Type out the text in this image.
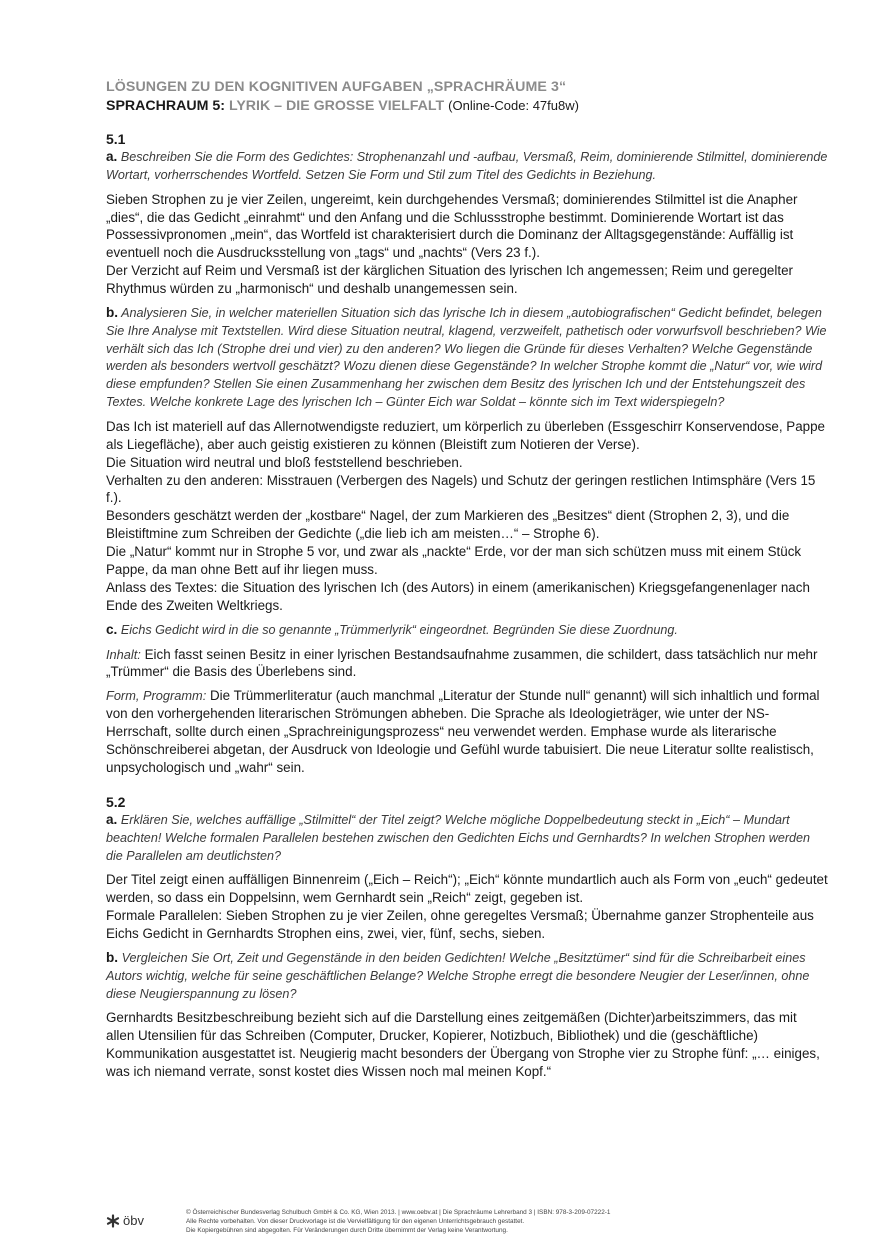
LÖSUNGEN ZU DEN KOGNITIVEN AUFGABEN „SPRACHRÄUME 3“
SPRACHRAUM 5: LYRIK – DIE GROSSE VIELFALT (Online-Code: 47fu8w)
5.1

a. Beschreiben Sie die Form des Gedichtes: Strophenanzahl und -aufbau, Versmaß, Reim, dominierende Stilmittel, dominierende Wortart, vorherrschendes Wortfeld. Setzen Sie Form und Stil zum Titel des Gedichts in Beziehung.

Sieben Strophen zu je vier Zeilen, ungereimt, kein durchgehendes Versmaß; dominierendes Stilmittel ist die Anapher „dies“, die das Gedicht „einrahmt“ und den Anfang und die Schlussstrophe bestimmt. Dominierende Wortart ist das Possessivpronomen „mein“, das Wortfeld ist charakterisiert durch die Dominanz der Alltagsgegenstände: Auffällig ist eventuell noch die Ausdrucksstellung von „tags“ und „nachts“ (Vers 23 f.).
Der Verzicht auf Reim und Versmaß ist der kärglichen Situation des lyrischen Ich angemessen; Reim und geregelter Rhythmus würden zu „harmonisch“ und deshalb unangemessen sein.

b. Analysieren Sie, in welcher materiellen Situation sich das lyrische Ich in diesem „autobiografischen“ Gedicht befindet, belegen Sie Ihre Analyse mit Textstellen. Wird diese Situation neutral, klagend, verzweifelt, pathetisch oder vorwurfsvoll beschrieben? Wie verhält sich das Ich (Strophe drei und vier) zu den anderen? Wo liegen die Gründe für dieses Verhalten? Welche Gegenstände werden als besonders wertvoll geschätzt? Wozu dienen diese Gegenstände? In welcher Strophe kommt die „Natur“ vor, wie wird diese empfunden? Stellen Sie einen Zusammenhang her zwischen dem Besitz des lyrischen Ich und der Entstehungszeit des Textes. Welche konkrete Lage des lyrischen Ich – Günter Eich war Soldat – könnte sich im Text widerspiegeln?

Das Ich ist materiell auf das Allernotwendigste reduziert, um körperlich zu überleben (Essgeschirr Konservendose, Pappe als Liegefläche), aber auch geistig existieren zu können (Bleistift zum Notieren der Verse).
Die Situation wird neutral und bloß feststellend beschrieben.
Verhalten zu den anderen: Misstrauen (Verbergen des Nagels) und Schutz der geringen restlichen Intimsphäre (Vers 15 f.).
Besonders geschätzt werden der „kostbare“ Nagel, der zum Markieren des „Besitzes“ dient (Strophen 2, 3), und die Bleistiftmine zum Schreiben der Gedichte („die lieb ich am meisten…“ – Strophe 6).
Die „Natur“ kommt nur in Strophe 5 vor, und zwar als „nackte“ Erde, vor der man sich schützen muss mit einem Stück Pappe, da man ohne Bett auf ihr liegen muss.
Anlass des Textes: die Situation des lyrischen Ich (des Autors) in einem (amerikanischen) Kriegsgefangenenlager nach Ende des Zweiten Weltkriegs.

c. Eichs Gedicht wird in die so genannte „Trümmerlyrik“ eingeordnet. Begründen Sie diese Zuordnung.

Inhalt: Eich fasst seinen Besitz in einer lyrischen Bestandsaufnahme zusammen, die schildert, dass tatsächlich nur mehr „Trümmer“ die Basis des Überlebens sind.

Form, Programm: Die Trümmerliteratur (auch manchmal „Literatur der Stunde null“ genannt) will sich inhaltlich und formal von den vorhergehenden literarischen Strömungen abheben. Die Sprache als Ideologieträger, wie unter der NS-Herrschaft, sollte durch einen „Sprachreinigungsprozess“ neu verwendet werden. Emphase wurde als literarische Schönschreiberei abgetan, der Ausdruck von Ideologie und Gefühl wurde tabuisiert. Die neue Literatur sollte realistisch, unpsychologisch und „wahr“ sein.

5.2

a. Erklären Sie, welches auffällige „Stilmittel“ der Titel zeigt? Welche mögliche Doppelbedeutung steckt in „Eich“ – Mundart beachten! Welche formalen Parallelen bestehen zwischen den Gedichten Eichs und Gernhardts? In welchen Strophen werden die Parallelen am deutlichsten?

Der Titel zeigt einen auffälligen Binnenreim („Eich – Reich“); „Eich“ könnte mundartlich auch als Form von „euch“ gedeutet werden, so dass ein Doppelsinn, wem Gernhardt sein „Reich“ zeigt, gegeben ist.
Formale Parallelen: Sieben Strophen zu je vier Zeilen, ohne geregeltes Versmaß; Übernahme ganzer Strophenteile aus Eichs Gedicht in Gernhardts Strophen eins, zwei, vier, fünf, sechs, sieben.

b. Vergleichen Sie Ort, Zeit und Gegenstände in den beiden Gedichten! Welche „Besitztümer“ sind für die Schreibarbeit eines Autors wichtig, welche für seine geschäftlichen Belange? Welche Strophe erregt die besondere Neugier der Leser/innen, ohne diese Neugierspannung zu lösen?

Gernhardts Besitzbeschreibung bezieht sich auf die Darstellung eines zeitgemäßen (Dichter)arbeitszimmers, das mit allen Utensilien für das Schreiben (Computer, Drucker, Kopierer, Notizbuch, Bibliothek) und die (geschäftliche) Kommunikation ausgestattet ist. Neugierig macht besonders der Übergang von Strophe vier zu Strophe fünf: „… einiges, was ich niemand verrate, sonst kostet dies Wissen noch mal meinen Kopf.“

öbv
© Österreichischer Bundesverlag Schulbuch GmbH & Co. KG, Wien 2013. | www.oebv.at | Die Sprachräume Lehrerband 3 | ISBN: 978-3-209-07222-1
Alle Rechte vorbehalten. Von dieser Druckvorlage ist die Vervielfältigung für den eigenen Unterrichtsgebrauch gestattet.
Die Kopiergebühren sind abgegolten. Für Veränderungen durch Dritte übernimmt der Verlag keine Verantwortung.
